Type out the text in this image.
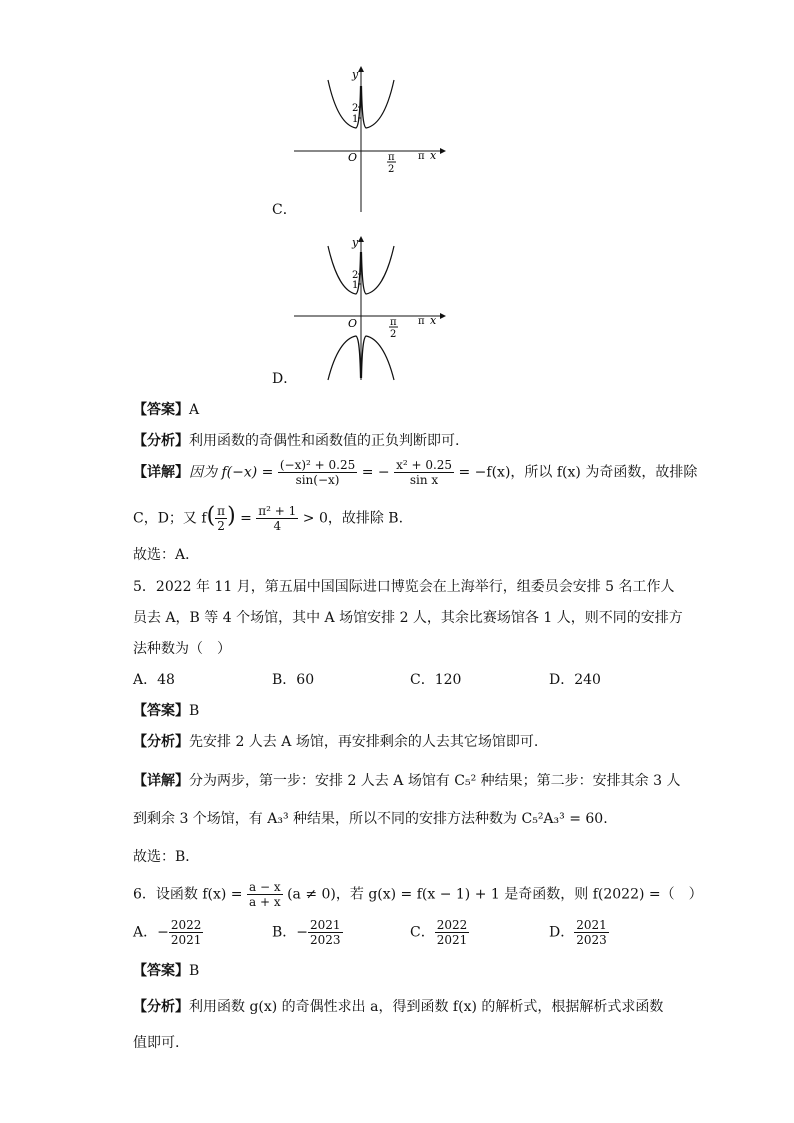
C．
y
2
1
O	π
2
π x
D．
y
2
1
O	π
2
π x
【答案】A
【分析】利用函数的奇偶性和函数值的正负判断即可.
【详解】因为 $f(-x) = \frac{\text{(−x)² + 0.25}}{\sin(-x)}$ = − $\frac{\text{x² + 0.25}}{\text{sin x}} = -f(x)$，所以 f(x) 为奇函数，故排除
C，D；又 $f( \frac{\pi}{2}$ ) = $\frac{\text{π² + 1}}{4} > 0$，故排除 B.
故选：A．
5．2022 年 11 月，第五届中国国际进口博览会在上海举行，组委员会安排 5 名工作人
员去 A，B 等 4 个场馆，其中 A 场馆安排 2 人，其余比赛场馆各 1 人，则不同的安排方
法种数为（　）
A．48	B．60	C．120	D．240
【答案】B
【分析】先安排 2 人去 A 场馆，再安排剩余的人去其它场馆即可.
【详解】分为两步，第一步：安排 2 人去 A 场馆有 C₅² 种结果；第二步：安排其余 3 人
到剩余 3 个场馆，有 A₃³ 种结果，所以不同的安排方法种数为 C₅²A₃³ = 60.
故选：B．
6．设函数 $f(x) = \frac{a - x}{a + x} (a \ne 0)$，若 g(x) = f(x − 1) + 1 是奇函数，则 f(2022) =（　）
A．− $\frac{2022}{2021}$	B．− $\frac{2021}{2023}$	C． $\frac{2022}{2021}$	D． $\frac{2021}{2023}$
【答案】B
【分析】利用函数 g(x) 的奇偶性求出 a，得到函数 f(x) 的解析式，根据解析式求函数
值即可.
